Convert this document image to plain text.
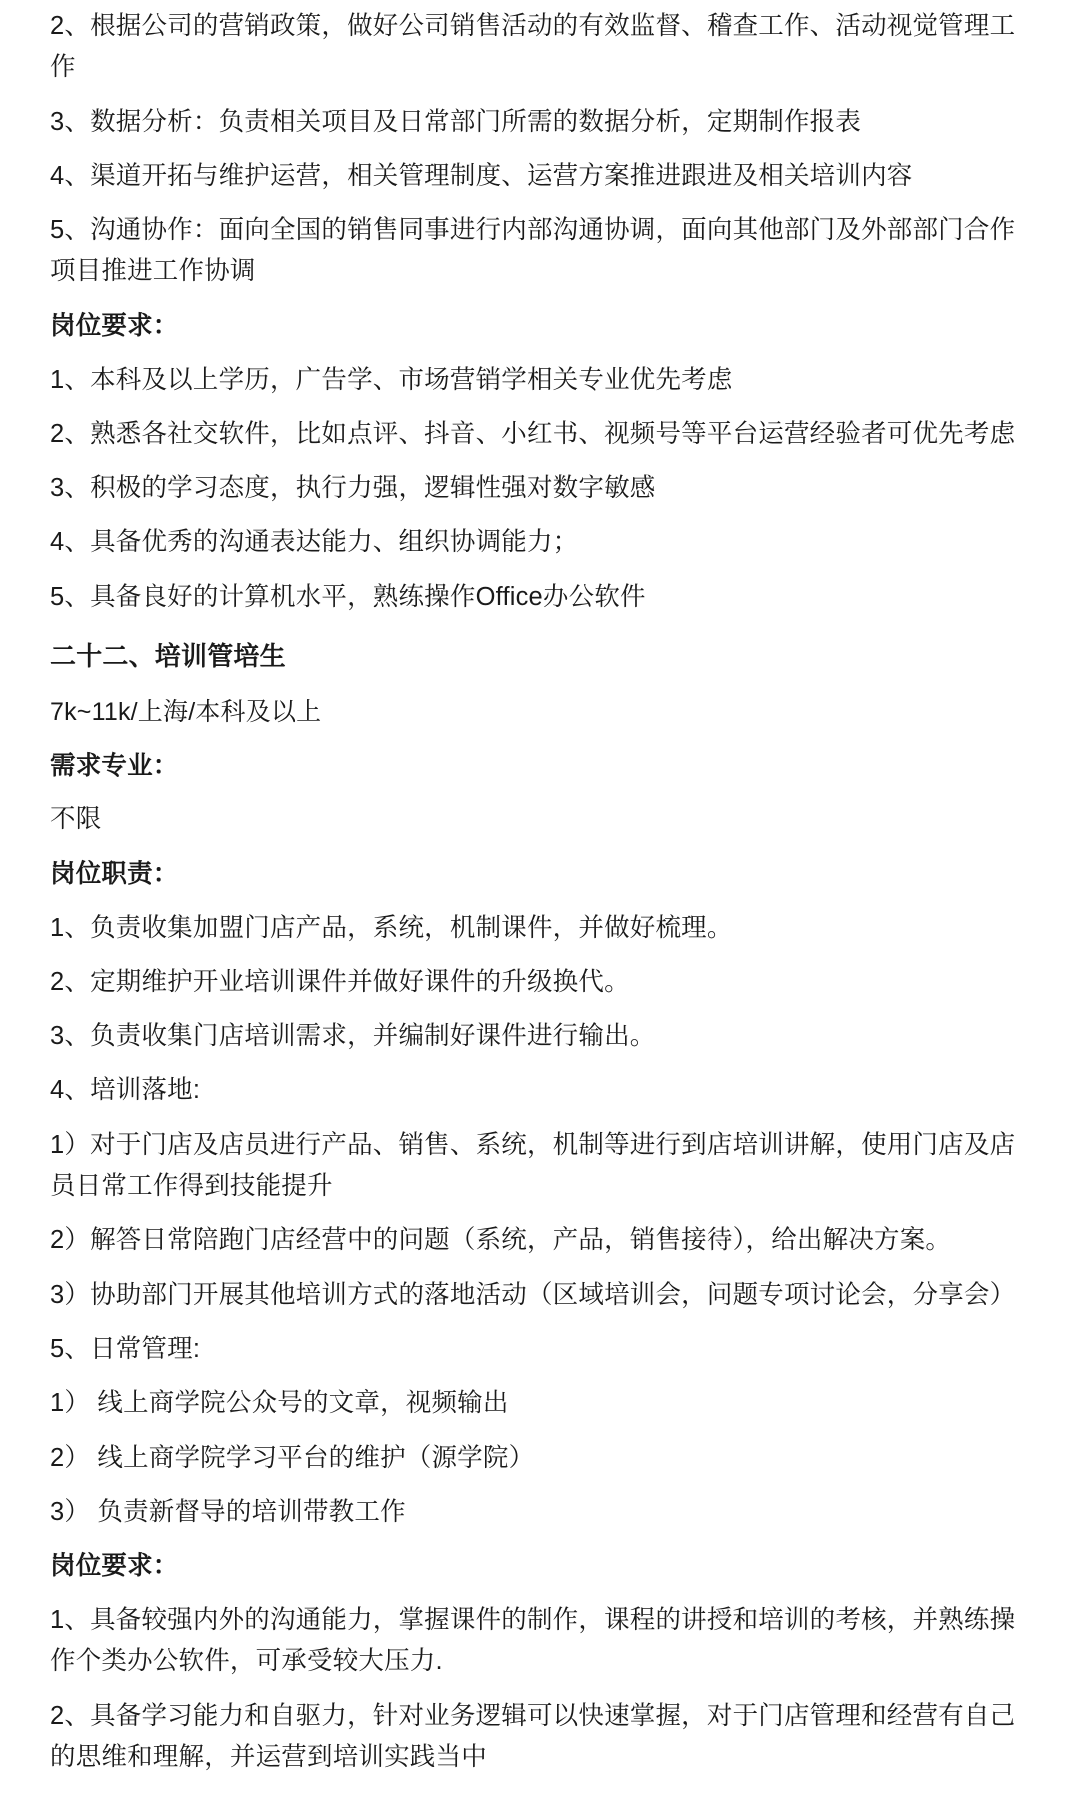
2、根据公司的营销政策，做好公司销售活动的有效监督、稽查工作、活动视觉管理工作

3、数据分析：负责相关项目及日常部门所需的数据分析，定期制作报表

4、渠道开拓与维护运营，相关管理制度、运营方案推进跟进及相关培训内容

5、沟通协作：面向全国的销售同事进行内部沟通协调，面向其他部门及外部部门合作项目推进工作协调

岗位要求：

1、本科及以上学历，广告学、市场营销学相关专业优先考虑

2、熟悉各社交软件，比如点评、抖音、小红书、视频号等平台运营经验者可优先考虑

3、积极的学习态度，执行力强，逻辑性强对数字敏感

4、具备优秀的沟通表达能力、组织协调能力；

5、具备良好的计算机水平，熟练操作Office办公软件

二十二、培训管培生

7k~11k/上海/本科及以上

需求专业：

不限

岗位职责：

1、负责收集加盟门店产品，系统，机制课件，并做好梳理。

2、定期维护开业培训课件并做好课件的升级换代。

3、负责收集门店培训需求，并编制好课件进行输出。

4、培训落地:

1）对于门店及店员进行产品、销售、系统，机制等进行到店培训讲解，使用门店及店员日常工作得到技能提升

2）解答日常陪跑门店经营中的问题（系统，产品，销售接待），给出解决方案。

3）协助部门开展其他培训方式的落地活动（区域培训会，问题专项讨论会，分享会）

5、日常管理:

1） 线上商学院公众号的文章，视频输出

2） 线上商学院学习平台的维护（源学院）

3） 负责新督导的培训带教工作

岗位要求：

1、具备较强内外的沟通能力，掌握课件的制作，课程的讲授和培训的考核，并熟练操作个类办公软件，可承受较大压力.

2、具备学习能力和自驱力，针对业务逻辑可以快速掌握，对于门店管理和经营有自己的思维和理解，并运营到培训实践当中
